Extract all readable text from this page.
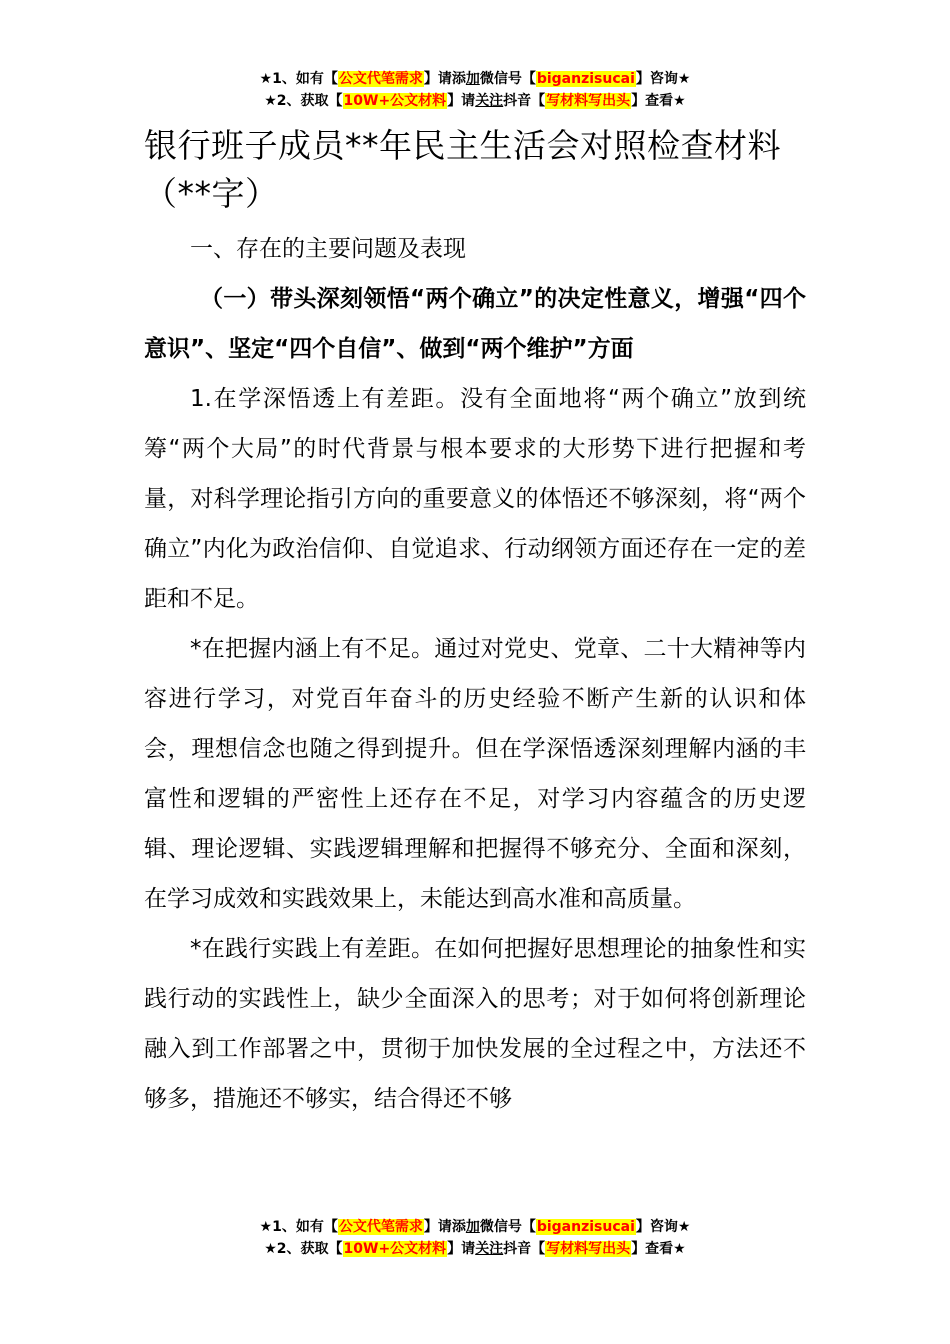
★1、如有【公文代笔需求】请添加微信号【biganzisucai】咨询★
★2、获取【10W+公文材料】请关注抖音【写材料写出头】查看★
银行班子成员**年民主生活会对照检查材料（**字）

一、存在的主要问题及表现

（一）带头深刻领悟“两个确立”的决定性意义，增强“四个意识”、坚定“四个自信”、做到“两个维护”方面

1.在学深悟透上有差距。没有全面地将“两个确立”放到统筹“两个大局”的时代背景与根本要求的大形势下进行把握和考量，对科学理论指引方向的重要意义的体悟还不够深刻，将“两个确立”内化为政治信仰、自觉追求、行动纲领方面还存在一定的差距和不足。

*在把握内涵上有不足。通过对党史、党章、二十大精神等内容进行学习，对党百年奋斗的历史经验不断产生新的认识和体会，理想信念也随之得到提升。但在学深悟透深刻理解内涵的丰富性和逻辑的严密性上还存在不足，对学习内容蕴含的历史逻辑、理论逻辑、实践逻辑理解和把握得不够充分、全面和深刻，在学习成效和实践效果上，未能达到高水准和高质量。

*在践行实践上有差距。在如何把握好思想理论的抽象性和实践行动的实践性上，缺少全面深入的思考；对于如何将创新理论融入到工作部署之中，贯彻于加快发展的全过程之中，方法还不够多，措施还不够实，结合得还不够

★1、如有【公文代笔需求】请添加微信号【biganzisucai】咨询★
★2、获取【10W+公文材料】请关注抖音【写材料写出头】查看★
